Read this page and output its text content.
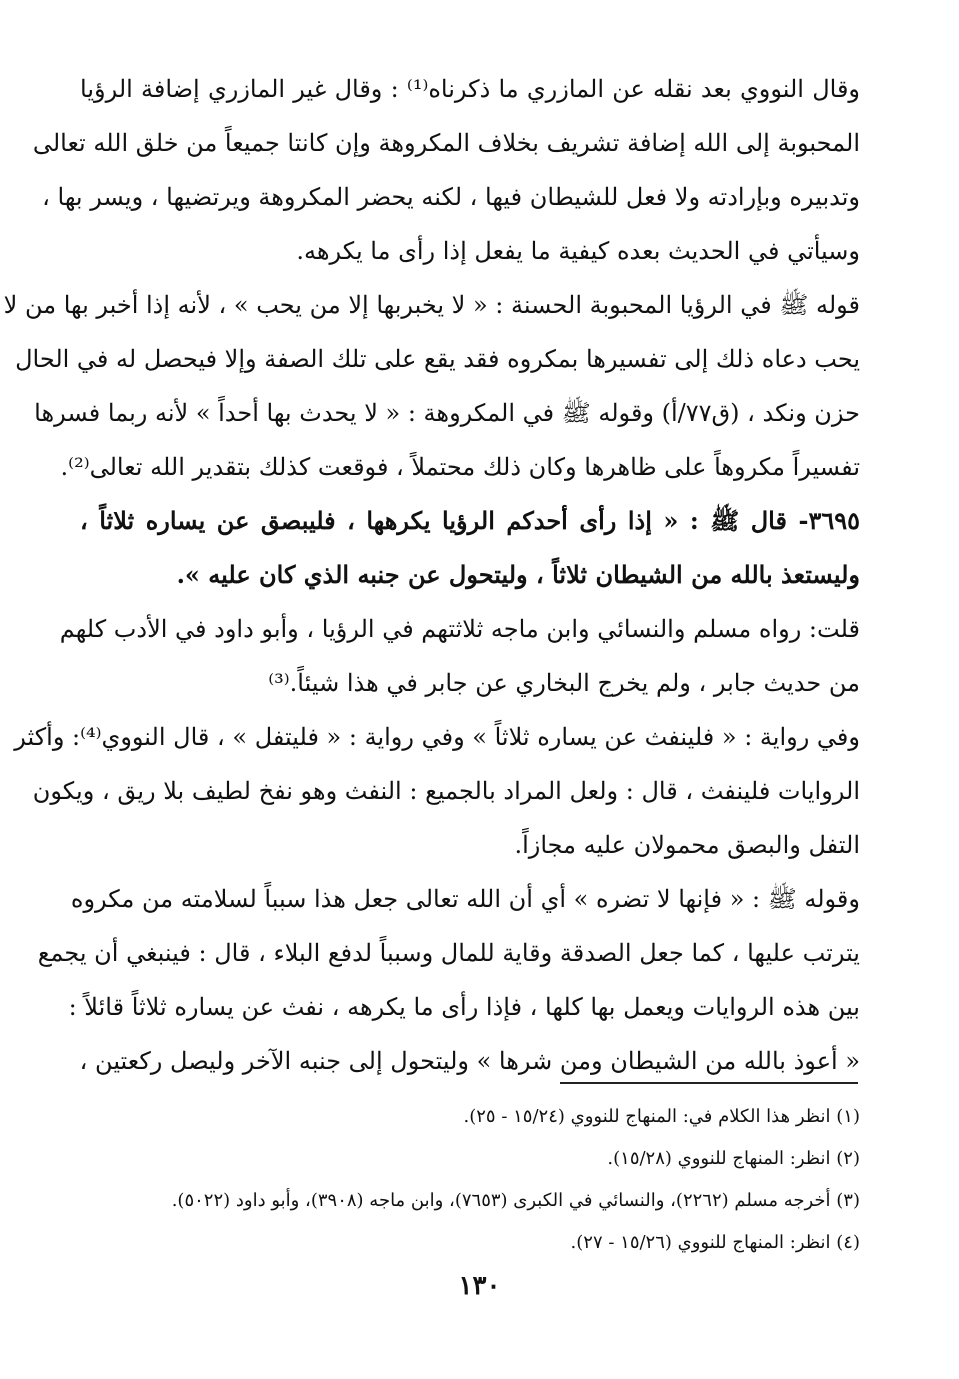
وقال النووي بعد نقله عن المازري ما ذكرناه⁽¹⁾ : وقال غير المازري إضافة الرؤيا
المحبوبة إلى الله إضافة تشريف بخلاف المكروهة وإن كانتا جميعاً من خلق الله تعالى
وتدبيره وبإرادته ولا فعل للشيطان فيها ، لكنه يحضر المكروهة ويرتضيها ، ويسر بها ،
وسيأتي في الحديث بعده كيفية ما يفعل إذا رأى ما يكرهه.
قوله ﷺ في الرؤيا المحبوبة الحسنة : « لا يخبربها إلا من يحب » ، لأنه إذا أخبر بها من لا
يحب دعاه ذلك إلى تفسيرها بمكروه فقد يقع على تلك الصفة وإلا فيحصل له في الحال
حزن ونكد ، (ق٧٧/أ) وقوله ﷺ في المكروهة : « لا يحدث بها أحداً » لأنه ربما فسرها
تفسيراً مكروهاً على ظاهرها وكان ذلك محتملاً ، فوقعت كذلك بتقدير الله تعالى⁽²⁾.
٣٦٩٥- قال ﷺ : « إذا رأى أحدكم الرؤيا يكرهها ، فليبصق عن يساره ثلاثاً ،
وليستعذ بالله من الشيطان ثلاثاً ، وليتحول عن جنبه الذي كان عليه ».
قلت: رواه مسلم والنسائي وابن ماجه ثلاثتهم في الرؤيا ، وأبو داود في الأدب كلهم
من حديث جابر ، ولم يخرج البخاري عن جابر في هذا شيئاً.⁽³⁾
وفي رواية : « فلينفث عن يساره ثلاثاً » وفي رواية : « فليتفل » ، قال النووي⁽⁴⁾: وأكثر
الروايات فلينفث ، قال : ولعل المراد بالجميع : النفث وهو نفخ لطيف بلا ريق ، ويكون
التفل والبصق محمولان عليه مجازاً.
وقوله ﷺ : « فإنها لا تضره » أي أن الله تعالى جعل هذا سبباً لسلامته من مكروه
يترتب عليها ، كما جعل الصدقة وقاية للمال وسبباً لدفع البلاء ، قال : فينبغي أن يجمع
بين هذه الروايات ويعمل بها كلها ، فإذا رأى ما يكرهه ، نفث عن يساره ثلاثاً قائلاً :
« أعوذ بالله من الشيطان ومن شرها » وليتحول إلى جنبه الآخر وليصل ركعتين ،
(١) انظر هذا الكلام في: المنهاج للنووي (١٥/٢٤ - ٢٥).
(٢) انظر: المنهاج للنووي (١٥/٢٨).
(٣) أخرجه مسلم (٢٢٦٢)، والنسائي في الكبرى (٧٦٥٣)، وابن ماجه (٣٩٠٨)، وأبو داود (٥٠٢٢).
(٤) انظر: المنهاج للنووي (١٥/٢٦ - ٢٧).
١٣٠
